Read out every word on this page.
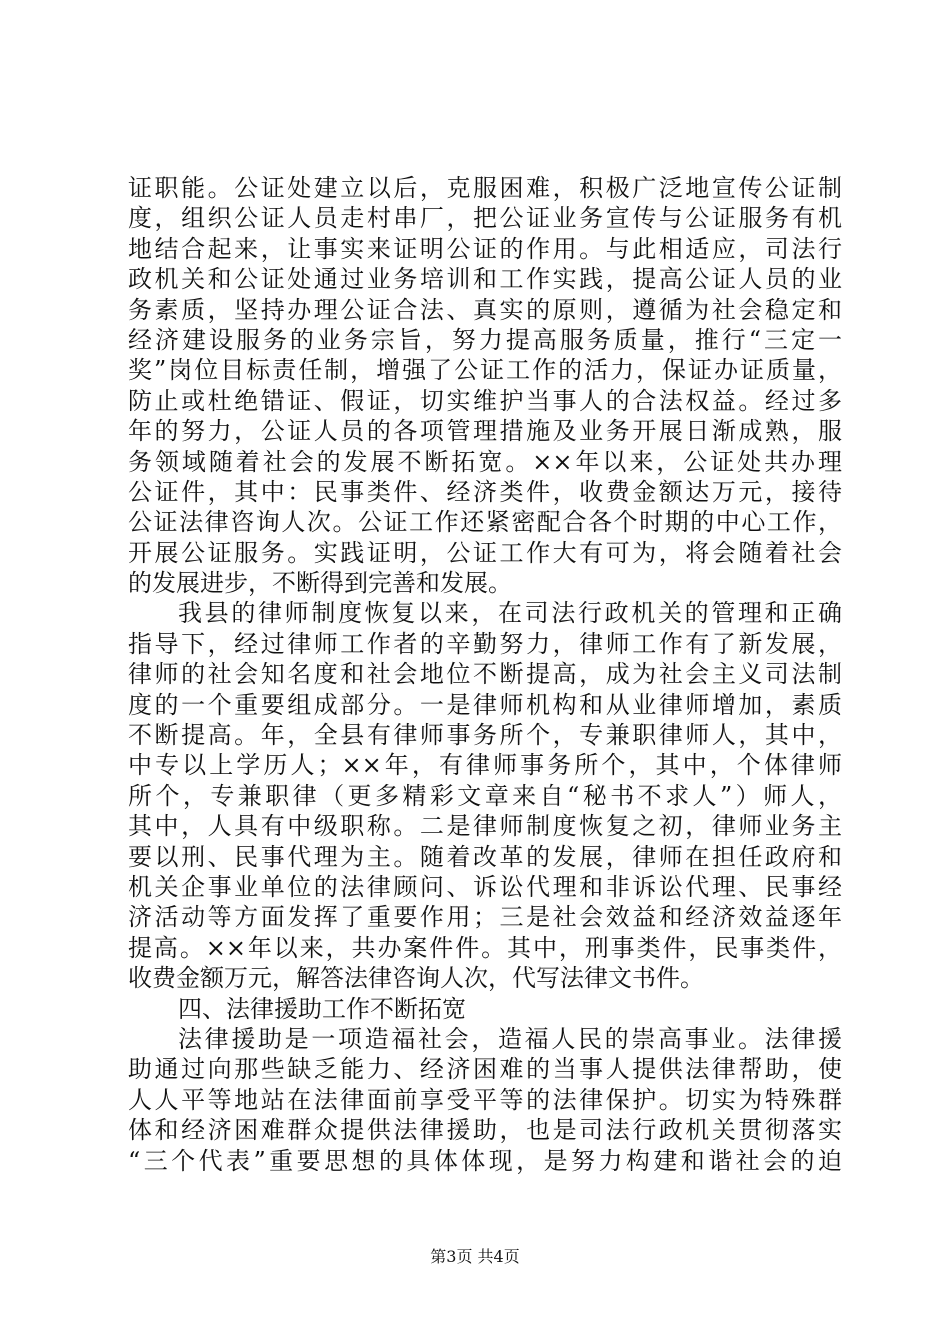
证职能。公证处建立以后，克服困难，积极广泛地宣传公证制
度，组织公证人员走村串厂，把公证业务宣传与公证服务有机
地结合起来，让事实来证明公证的作用。与此相适应，司法行
政机关和公证处通过业务培训和工作实践，提高公证人员的业
务素质，坚持办理公证合法、真实的原则，遵循为社会稳定和
经济建设服务的业务宗旨，努力提高服务质量，推行“三定一
奖”岗位目标责任制，增强了公证工作的活力，保证办证质量，
防止或杜绝错证、假证，切实维护当事人的合法权益。经过多
年的努力，公证人员的各项管理措施及业务开展日渐成熟，服
务领域随着社会的发展不断拓宽。××年以来，公证处共办理
公证件，其中：民事类件、经济类件，收费金额达万元，接待
公证法律咨询人次。公证工作还紧密配合各个时期的中心工作，
开展公证服务。实践证明，公证工作大有可为，将会随着社会
的发展进步，不断得到完善和发展。
我县的律师制度恢复以来，在司法行政机关的管理和正确
指导下，经过律师工作者的辛勤努力，律师工作有了新发展，
律师的社会知名度和社会地位不断提高，成为社会主义司法制
度的一个重要组成部分。一是律师机构和从业律师增加，素质
不断提高。年，全县有律师事务所个，专兼职律师人，其中，
中专以上学历人；××年，有律师事务所个，其中，个体律师
所个，专兼职律（更多精彩文章来自“秘书不求人”）师人，
其中，人具有中级职称。二是律师制度恢复之初，律师业务主
要以刑、民事代理为主。随着改革的发展，律师在担任政府和
机关企事业单位的法律顾问、诉讼代理和非诉讼代理、民事经
济活动等方面发挥了重要作用；三是社会效益和经济效益逐年
提高。××年以来，共办案件件。其中，刑事类件，民事类件，
收费金额万元，解答法律咨询人次，代写法律文书件。
四、法律援助工作不断拓宽
法律援助是一项造福社会，造福人民的崇高事业。法律援
助通过向那些缺乏能力、经济困难的当事人提供法律帮助，使
人人平等地站在法律面前享受平等的法律保护。切实为特殊群
体和经济困难群众提供法律援助，也是司法行政机关贯彻落实
“三个代表”重要思想的具体体现，是努力构建和谐社会的迫
第3页 共4页
